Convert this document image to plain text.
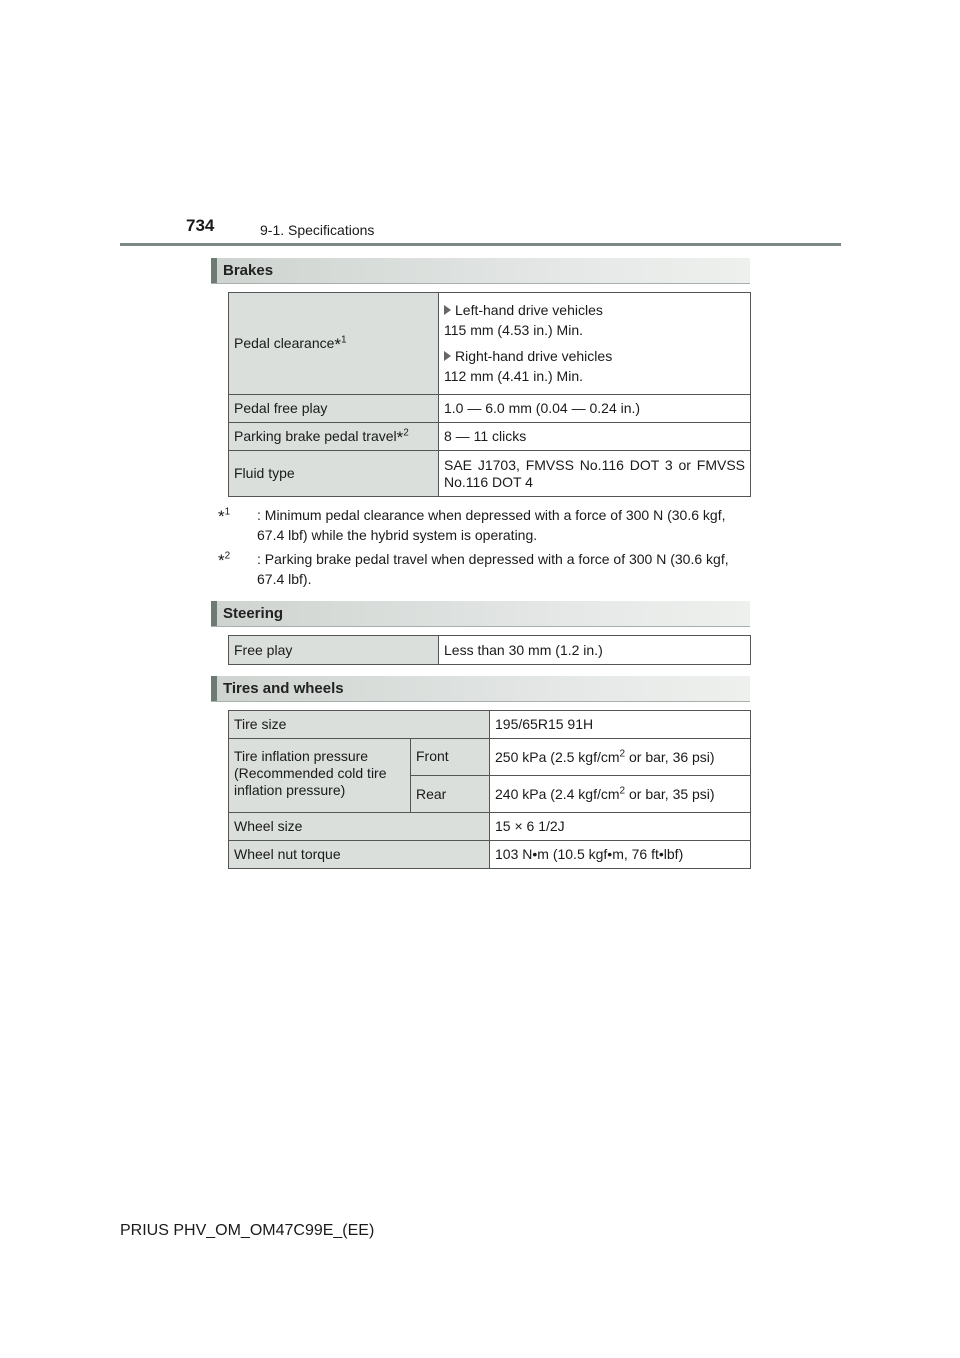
734	9-1. Specifications
Brakes
Pedal clearance*$^1$	Left-hand drive vehicles
115 mm (4.53 in.) Min.
Right-hand drive vehicles
112 mm (4.41 in.) Min.

Pedal free play	1.0 — 6.0 mm (0.04 — 0.24 in.)
Parking brake pedal travel*$^2$	8 — 11 clicks
Fluid type	SAE J1703, FMVSS No.116 DOT 3 or FMVSS No.116 DOT 4
*$^1$	: Minimum pedal clearance when depressed with a force of 300 N (30.6 kgf, 67.4 lbf) while the hybrid system is operating.
*$^2$	: Parking brake pedal travel when depressed with a force of 300 N (30.6 kgf, 67.4 lbf).
Steering
Free play	Less than 30 mm (1.2 in.)
Tires and wheels
Tire size		195/65R15 91H
Tire inflation pressure (Recommended cold tire inflation pressure)	Front	250 kPa (2.5 kgf/$cm^2$ or bar, 36 psi)
	Rear	240 kPa (2.4 kgf/$cm^2$ or bar, 35 psi)
Wheel size		15 × 6 1/2J
Wheel nut torque		103 N•m (10.5 kgf•m, 76 ft•lbf)
PRIUS PHV_OM_OM47C99E_(EE)
